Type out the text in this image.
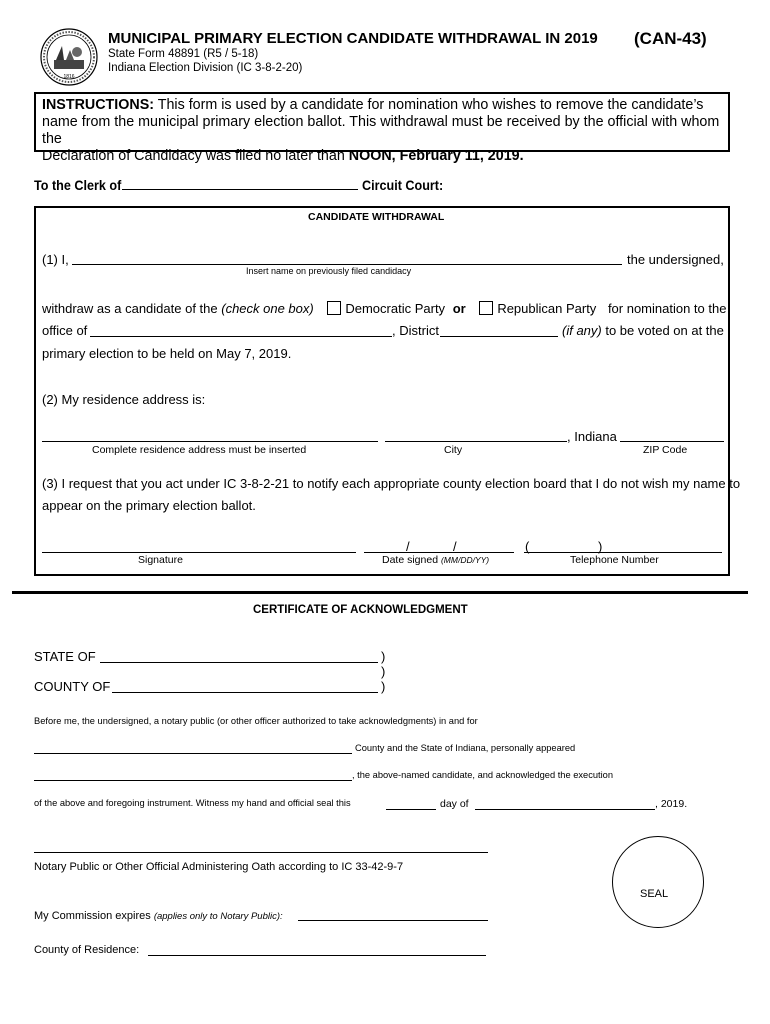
1816
MUNICIPAL PRIMARY ELECTION CANDIDATE WITHDRAWAL IN 2019 (CAN-43)
State Form 48891 (R5 / 5-18)
Indiana Election Division (IC 3-8-2-20)
INSTRUCTIONS: This form is used by a candidate for nomination who wishes to remove the candidate’s
name from the municipal primary election ballot. This withdrawal must be received by the official with whom the
Declaration of Candidacy was filed no later than NOON, February 11, 2019.
To the Clerk of	Circuit Court:
CANDIDATE WITHDRAWAL
(1) I,	the undersigned,
Insert name on previously filed candidacy
withdraw as a candidate of the (check one box) Democratic Party or Republican Party for nomination to the
office of	, District	(if any) to be voted on at the
primary election to be held on May 7, 2019.
(2) My residence address is:
, Indiana
Complete residence address must be inserted	City	ZIP Code
(3) I request that you act under IC 3-8-2-21 to notify each appropriate county election board that I do not wish my name to
appear on the primary election ballot.
/	/	(	)
Signature	Date signed (MM/DD/YY)	Telephone Number
CERTIFICATE OF ACKNOWLEDGMENT
STATE OF	)
)
COUNTY OF	)
Before me, the undersigned, a notary public (or other officer authorized to take acknowledgments) in and for
County and the State of Indiana, personally appeared
, the above-named candidate, and acknowledged the execution
of the above and foregoing instrument. Witness my hand and official seal this	day of	, 2019.
Notary Public or Other Official Administering Oath according to IC 33-42-9-7
My Commission expires (applies only to Notary Public):
County of Residence:
SEAL
